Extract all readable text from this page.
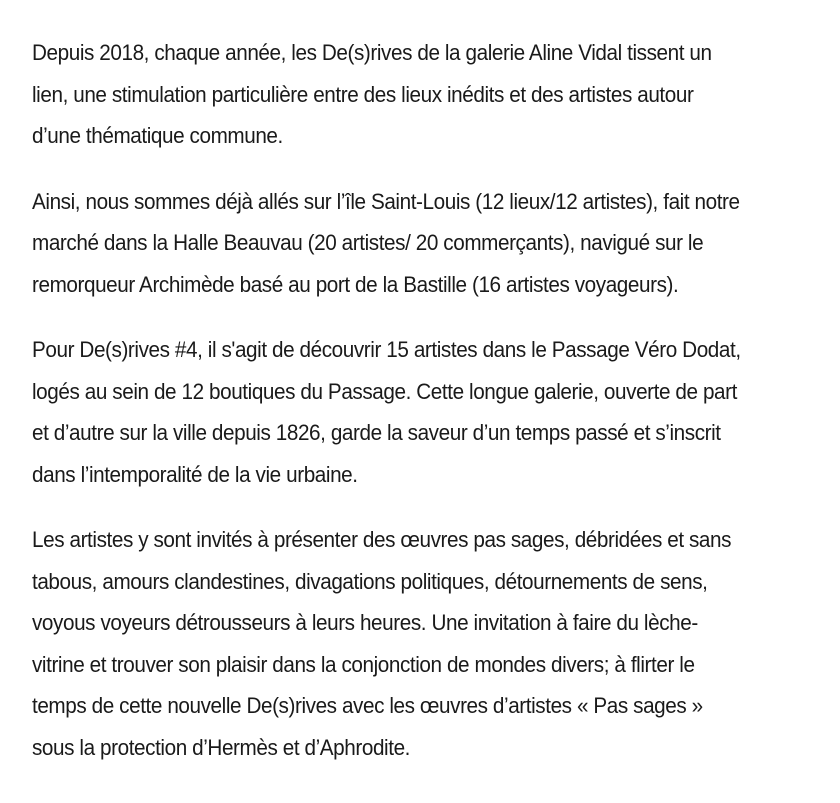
Depuis 2018, chaque année, les De(s)rives de la galerie Aline Vidal tissent un
lien, une stimulation particulière entre des lieux inédits et des artistes autour
d’une thématique commune.

Ainsi, nous sommes déjà allés sur l’île Saint-Louis (12 lieux/12 artistes), fait notre
marché dans la Halle Beauvau (20 artistes/ 20 commerçants), navigué sur le
remorqueur Archimède basé au port de la Bastille (16 artistes voyageurs).

Pour De(s)rives #4, il s'agit de découvrir 15 artistes dans le Passage Véro Dodat,
logés au sein de 12 boutiques du Passage. Cette longue galerie, ouverte de part
et d’autre sur la ville depuis 1826, garde la saveur d’un temps passé et s’inscrit
dans l’intemporalité de la vie urbaine.

Les artistes y sont invités à présenter des œuvres pas sages, débridées et sans
tabous, amours clandestines, divagations politiques, détournements de sens,
voyous voyeurs détrousseurs à leurs heures. Une invitation à faire du lèche-
vitrine et trouver son plaisir dans la conjonction de mondes divers; à flirter le
temps de cette nouvelle De(s)rives avec les œuvres d’artistes « Pas sages »
sous la protection d’Hermès et d’Aphrodite.
